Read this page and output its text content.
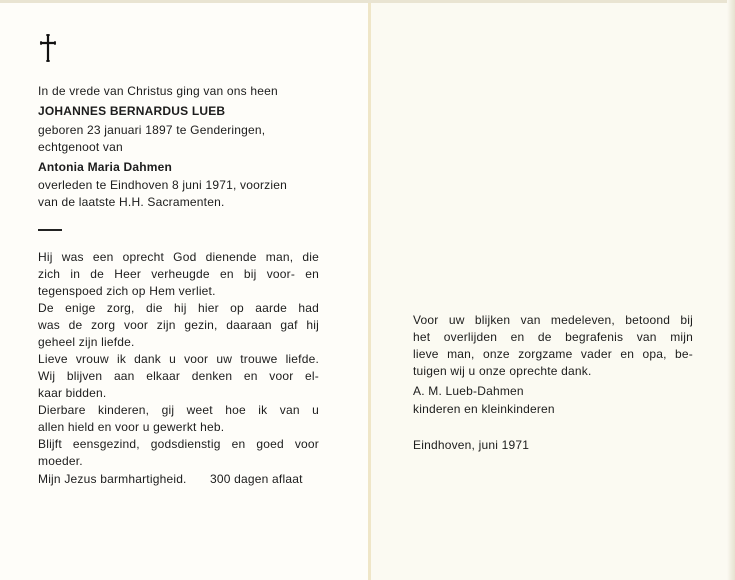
In de vrede van Christus ging van ons heen
JOHANNES BERNARDUS LUEB
geboren 23 januari 1897 te Genderingen,
echtgenoot van
Antonia Maria Dahmen
overleden te Eindhoven 8 juni 1971, voorzien
van de laatste H.H. Sacramenten.
Hij was een oprecht God dienende man, die
zich in de Heer verheugde en bij voor- en
tegenspoed zich op Hem verliet.
De enige zorg, die hij hier op aarde had
was de zorg voor zijn gezin, daaraan gaf hij
geheel zijn liefde.
Lieve vrouw ik dank u voor uw trouwe liefde.
Wij blijven aan elkaar denken en voor el-
kaar bidden.
Dierbare kinderen, gij weet hoe ik van u
allen hield en voor u gewerkt heb.
Blijft eensgezind, godsdienstig en goed voor
moeder.
Mijn Jezus barmhartigheid. 300 dagen aflaat
Voor uw blijken van medeleven, betoond bij
het overlijden en de begrafenis van mijn
lieve man, onze zorgzame vader en opa, be-
tuigen wij u onze oprechte dank.
A. M. Lueb-Dahmen
kinderen en kleinkinderen
Eindhoven, juni 1971
